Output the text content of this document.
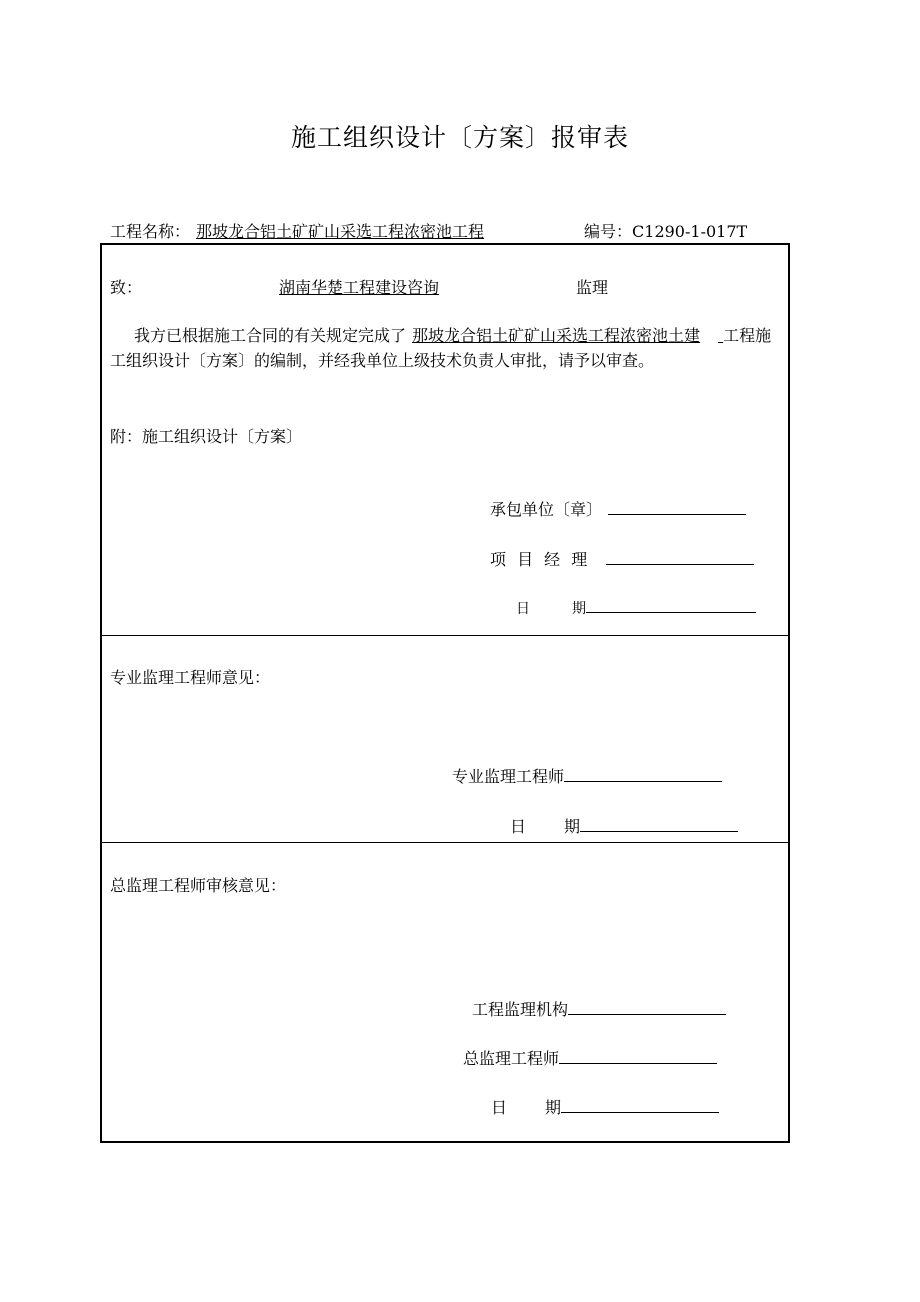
施工组织设计〔方案〕报审表
工程名称： 那坡龙合铝土矿矿山采选工程浓密池工程	编号：C1290-1-017T
致：	湖南华楚工程建设咨询	监理
我方已根据施工合同的有关规定完成了 那坡龙合铝土矿矿山采选工程浓密池土建 工程施工组织设计〔方案〕的编制，并经我单位上级技术负责人审批，请予以审查。
附：施工组织设计〔方案〕
承包单位〔章〕
项 目 经 理
日	期
专业监理工程师意见：
专业监理工程师
日 期
总监理工程师审核意见：
工程监理机构
总监理工程师
日 期
